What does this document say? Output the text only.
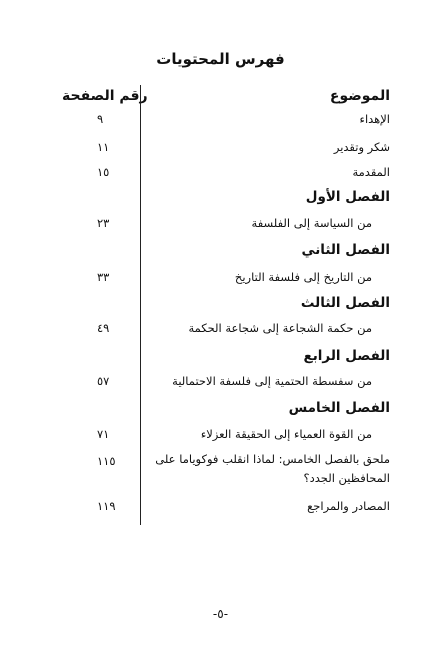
فهرس المحتويات
الموضوع
رقم الصفحة
الإهداء
٩
شكر وتقدير
١١
المقدمة
١٥
الفصل الأول
من السياسة إلى الفلسفة
٢٣
الفصل الثاني
من التاريخ إلى فلسفة التاريخ
٣٣
الفصل الثالث
من حكمة الشجاعة إلى شجاعة الحكمة
٤٩
الفصل الرابع
من سفسطة الحتمية إلى فلسفة الاحتمالية
٥٧
الفصل الخامس
من القوة العمياء إلى الحقيقة العزلاء
٧١
ملحق بالفصل الخامس: لماذا انقلب فوكوياما على المحافظين الجدد؟
١١٥
المصادر والمراجع
١١٩
-٥-
